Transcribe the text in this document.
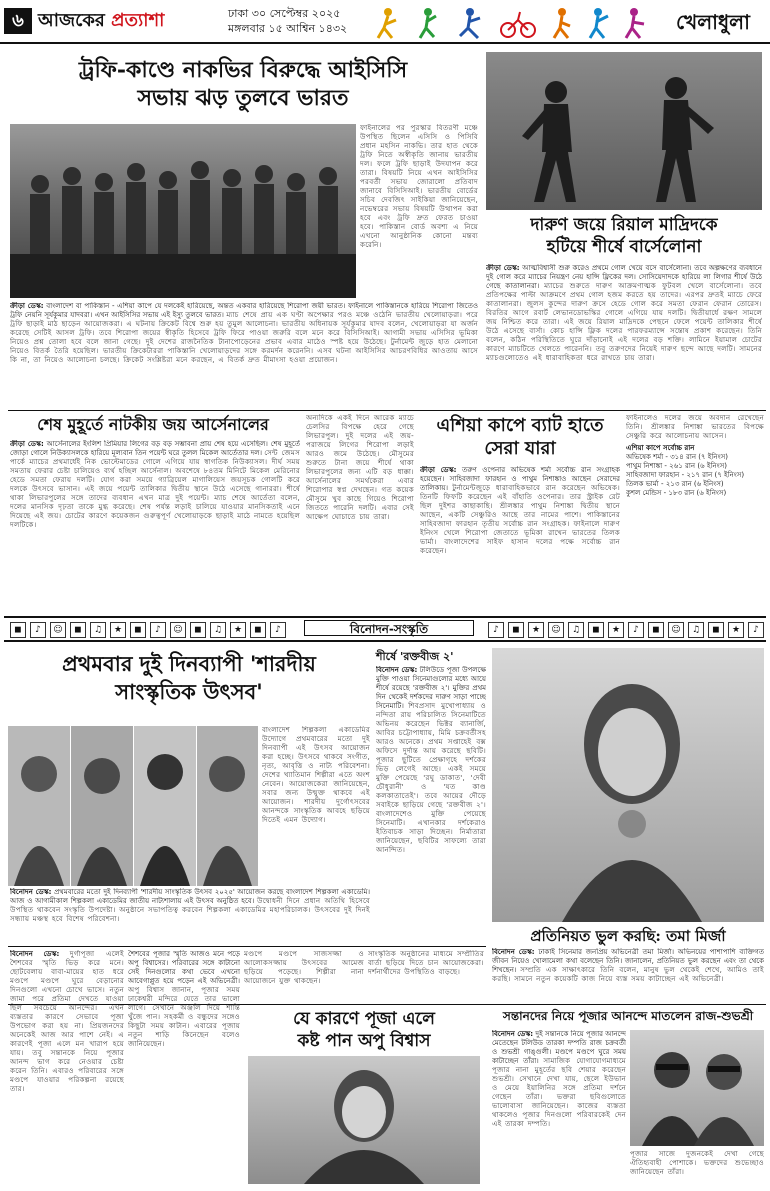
৬ আজকের প্রত্যাশা	ঢাকা ৩০ সেপ্টেম্বর ২০২৫
মঙ্গলবার ১৫ আশ্বিন ১৪৩২	খেলাধুলা
ট্রফি-কাণ্ডে নাকভির বিরুদ্ধে আইসিসি
সভায় ঝড় তুলবে ভারত
ফাইনালের পর পুরস্কার বিতরণী মঞ্চে উপস্থিত ছিলেন এসিসি ও পিসিবি প্রধান মহসিন নাকভি। তার হাত থেকে ট্রফি নিতে অস্বীকৃতি জানায় ভারতীয় দল। ফলে ট্রফি ছাড়াই উদযাপন করে তারা। বিষয়টি নিয়ে এখন আইসিসির পরবর্তী সভায় জোরালো প্রতিবাদ জানাবে বিসিসিআই। ভারতীয় বোর্ডের সচিব দেবজিৎ সাইকিয়া জানিয়েছেন, নভেম্বরের সভায় বিষয়টি উত্থাপন করা হবে এবং ট্রফি দ্রুত ফেরত চাওয়া হবে। পাকিস্তান বোর্ড অবশ্য এ নিয়ে এখনো আনুষ্ঠানিক কোনো মন্তব্য করেনি।
ক্রীড়া ডেস্ক: বাংলাদেশ বা পাকিস্তান - এশিয়া কাপে যে দলকেই হারিয়েছে, অন্তত একবার হারিয়েছে শিরোপা জয়ী ভারত। ফাইনালে পাকিস্তানকে হারিয়ে শিরোপা জিতেও ট্রফি নেয়নি সূর্যকুমার যাদবরা। এখন আইসিসির সভায় এই ইস্যু তুলবে ভারত। ম্যাচ শেষে প্রায় এক ঘণ্টা অপেক্ষার পরও মঞ্চে ওঠেনি ভারতীয় খেলোয়াড়রা। পরে ট্রফি ছাড়াই মাঠ ছাড়েন আয়োজকরা। এ ঘটনায় ক্রিকেট বিশ্বে শুরু হয় তুমুল আলোচনা। ভারতীয় অধিনায়ক সূর্যকুমার যাদব বলেন, খেলোয়াড়রা যা অর্জন করেছে সেটিই আসল ট্রফি। তবে শিরোপা জয়ের স্বীকৃতি হিসেবে ট্রফি ফিরে পাওয়া জরুরি বলে মনে করে বিসিসিআই। আগামী সভায় এসিসির ভূমিকা নিয়েও প্রশ্ন তোলা হবে বলে জানা গেছে। দুই দেশের রাজনৈতিক টানাপোড়েনের প্রভাব এবার মাঠেও স্পষ্ট হয়ে উঠেছে। টুর্নামেন্ট জুড়ে হাত মেলানো নিয়েও বিতর্ক তৈরি হয়েছিল। ভারতীয় ক্রিকেটাররা পাকিস্তানি খেলোয়াড়দের সঙ্গে করমর্দন করেননি। এসব ঘটনা আইসিসির আচরণবিধির আওতায় আসে কি না, তা নিয়েও আলোচনা চলছে। ক্রিকেট সংশ্লিষ্টরা মনে করছেন, এ বিতর্ক দ্রুত মীমাংসা হওয়া প্রয়োজন।
দারুণ জয়ে রিয়াল মাদ্রিদকে
হটিয়ে শীর্ষে বার্সেলোনা
ক্রীড়া ডেস্ক: আত্মবিশ্বাসী শুরু করেও প্রথমে গোল খেয়ে বসে বার্সেলোনা। তবে অল্পক্ষণের ব্যবধানে দুই গোল করে ম্যাচের নিয়ন্ত্রণ নেয় হান্সি ফ্লিকের দল। সোসিয়েদাদকে হারিয়ে লা লিগার শীর্ষে উঠে গেছে কাতালানরা। ম্যাচের শুরুতে দারুণ আক্রমণাত্মক ফুটবল খেলে বার্সেলোনা। তবে প্রতিপক্ষের পাল্টা আক্রমণে প্রথম গোল হজম করতে হয় তাদের। এরপর দ্রুতই ম্যাচে ফেরে কাতালানরা। জুলস কুন্দের দারুণ ক্রসে হেডে গোল করে সমতা ফেরান ফেরান তোরেস। বিরতির আগে রবার্ট লেভানডোভস্কির গোলে এগিয়ে যায় দলটি। দ্বিতীয়ার্ধে রক্ষণ সামলে জয় নিশ্চিত করে তারা। এই জয়ে রিয়াল মাদ্রিদকে পেছনে ফেলে পয়েন্ট তালিকার শীর্ষে উঠে এসেছে বার্সা। কোচ হান্সি ফ্লিক দলের পারফরম্যান্সে সন্তোষ প্রকাশ করেছেন। তিনি বলেন, কঠিন পরিস্থিতিতে ঘুরে দাঁড়ানোই এই দলের বড় শক্তি। লামিনে ইয়ামাল চোটের কারণে ম্যাচটিতে খেলতে পারেননি। তবু তরুণদের নিয়েই দারুণ ছন্দে আছে দলটি। সামনের ম্যাচগুলোতেও এই ধারাবাহিকতা ধরে রাখতে চায় তারা।
শেষ মুহূর্তে নাটকীয় জয় আর্সেনালের
ক্রীড়া ডেস্ক: আর্সেনালের ইংলিশ প্রিমিয়ার লিগের বড় বড় সম্ভাবনা প্রায় শেষ হয়ে এসেছিল। শেষ মুহূর্তে জোড়া গোলে নিউক্যাসলকে হারিয়ে মূল্যবান তিন পয়েন্ট ঘরে তুলল মিকেল আর্তেতার দল। সেন্ট জেমস পার্কে ম্যাচের প্রথমার্ধেই নিক ভোল্টেমাডের গোলে এগিয়ে যায় স্বাগতিক নিউক্যাসল। দীর্ঘ সময় সমতায় ফেরার চেষ্টা চালিয়েও ব্যর্থ হচ্ছিল আর্সেনাল। অবশেষে ৮৪তম মিনিটে মিকেল মেরিনোর হেডে সমতা ফেরায় দলটি। যোগ করা সময়ে গ্যাব্রিয়েল মাগালিয়েস জয়সূচক গোলটি করে দলকে উৎসবে ভাসান। এই জয়ে পয়েন্ট তালিকার দ্বিতীয় স্থানে উঠে এসেছে গানাররা। শীর্ষে থাকা লিভারপুলের সঙ্গে তাদের ব্যবধান এখন মাত্র দুই পয়েন্ট। ম্যাচ শেষে আর্তেতা বলেন, দলের মানসিক দৃঢ়তা তাকে মুগ্ধ করেছে। শেষ পর্যন্ত লড়াই চালিয়ে যাওয়ার মানসিকতাই এনে দিয়েছে এই জয়। চোটের কারণে কয়েকজন গুরুত্বপূর্ণ খেলোয়াড়কে ছাড়াই মাঠে নামতে হয়েছিল দলটিকে।
অন্যদিকে একই দিনে আরেক ম্যাচে চেলসির বিপক্ষে হেরে গেছে লিভারপুল। দুই দলের এই জয়-পরাজয়ে লিগের শিরোপা লড়াই আরও জমে উঠেছে। মৌসুমের শুরুতে টানা জয়ে শীর্ষে থাকা লিভারপুলের জন্য এটি বড় ধাক্কা। আর্সেনালের সমর্থকেরা এবার শিরোপার স্বপ্ন দেখছেন। গত কয়েক মৌসুমে খুব কাছে গিয়েও শিরোপা জিততে পারেনি দলটি। এবার সেই আক্ষেপ ঘোচাতে চায় তারা।
এশিয়া কাপে ব্যাট হাতে
সেরা যারা
ক্রীড়া ডেস্ক: তরুণ ওপেনার অভিষেক শর্মা সর্বোচ্চ রান সংগ্রাহক হয়েছেন। সাহিবজাদা ফারহান ও পাথুম নিশাঙ্কাও আছেন সেরাদের তালিকায়। টুর্নামেন্টজুড়ে ধারাবাহিকভাবে রান করেছেন অভিষেক। তিনটি ফিফটি করেছেন এই বাঁহাতি ওপেনার। তার স্ট্রাইক রেট ছিল দুইশর কাছাকাছি। শ্রীলঙ্কার পাথুম নিশাঙ্কা দ্বিতীয় স্থানে আছেন, একটি সেঞ্চুরিও আছে তার নামের পাশে। পাকিস্তানের সাহিবজাদা ফারহান তৃতীয় সর্বোচ্চ রান সংগ্রাহক। ফাইনালে দারুণ ইনিংস খেলে শিরোপা জেতাতে ভূমিকা রাখেন ভারতের তিলক ভার্মা। বাংলাদেশের সাইফ হাসান দলের পক্ষে সর্বোচ্চ রান করেছেন।
ফাইনালেও দলের জয়ে অবদান রেখেছেন তিনি। শ্রীলঙ্কার নিশাঙ্কা ভারতের বিপক্ষে সেঞ্চুরি করে আলোচনায় আসেন।
এশিয়া কাপে সর্বোচ্চ রান
অভিষেক শর্মা - ৩১৪ রান (৭ ইনিংস)
পাথুম নিশাঙ্কা - ২৬১ রান (৬ ইনিংস)
সাহিবজাদা ফারহান - ২১৭ রান (৭ ইনিংস)
তিলক ভার্মা - ২১৩ রান (৬ ইনিংস)
কুশল মেন্ডিস - ১৮৩ রান (৬ ইনিংস)
◼	♪	☺	◼	♫	★	◼	♪	☺	◼	♫	★	◼	♪	বিনোদন-সংস্কৃতি	♪	◼	★	☺	♫	◼	★	♪	◼	☺	♫	◼	★	♪
প্রথমবার দুই দিনব্যাপী 'শারদীয়
সাংস্কৃতিক উৎসব'
বাংলাদেশ শিল্পকলা একাডেমির উদ্যোগে প্রথমবারের মতো দুই দিনব্যাপী এই উৎসব আয়োজন করা হচ্ছে। উৎসবে থাকবে সংগীত, নৃত্য, আবৃত্তি ও নাট্য পরিবেশনা। দেশের খ্যাতিমান শিল্পীরা এতে অংশ নেবেন। আয়োজকেরা জানিয়েছেন, সবার জন্য উন্মুক্ত থাকবে এই আয়োজন। শারদীয় দুর্গোৎসবের আনন্দকে সাংস্কৃতিক আবহে ছড়িয়ে দিতেই এমন উদ্যোগ।
বিনোদন ডেস্ক: প্রথমবারের মতো দুই দিনব্যাপী 'শারদীয় সাংস্কৃতিক উৎসব ২০২৫' আয়োজন করছে বাংলাদেশ শিল্পকলা একাডেমি। আজ ও আগামীকাল শিল্পকলা একাডেমির জাতীয় নাট্যশালায় এই উৎসব অনুষ্ঠিত হবে। উদ্বোধনী দিনে প্রধান অতিথি হিসেবে উপস্থিত থাকবেন সংস্কৃতি উপদেষ্টা। অনুষ্ঠানে সভাপতিত্ব করবেন শিল্পকলা একাডেমির মহাপরিচালক। উৎসবের দুই দিনই সন্ধ্যায় মঞ্চস্থ হবে বিশেষ পরিবেশনা।
শীর্ষে 'রক্তবীজ ২'
বিনোদন ডেস্ক: টলিউডে পূজা উপলক্ষে মুক্তি পাওয়া সিনেমাগুলোর মধ্যে আয়ে শীর্ষে রয়েছে 'রক্তবীজ ২'। মুক্তির প্রথম দিন থেকেই দর্শকদের দারুণ সাড়া পাচ্ছে সিনেমাটি। শিবপ্রসাদ মুখোপাধ্যায় ও নন্দিতা রায় পরিচালিত সিনেমাটিতে অভিনয় করেছেন ভিক্টর ব্যানার্জি, আবির চট্টোপাধ্যায়, মিমি চক্রবর্তীসহ আরও অনেকে। প্রথম সপ্তাহেই বক্স অফিসে দুর্দান্ত আয় করেছে ছবিটি। পূজার ছুটিতে প্রেক্ষাগৃহে দর্শকের ভিড় লেগেই আছে। একই সময়ে মুক্তি পেয়েছে 'রঘু ডাকাত', 'দেবী চৌধুরানী' ও 'যত কাণ্ড কলকাতাতেই'। তবে আয়ের দৌড়ে সবাইকে ছাড়িয়ে গেছে 'রক্তবীজ ২'। বাংলাদেশেও মুক্তি পেয়েছে সিনেমাটি। এখানকার দর্শকেরাও ইতিবাচক সাড়া দিচ্ছেন। নির্মাতারা জানিয়েছেন, ছবিটির সাফল্যে তারা আনন্দিত।
প্রতিনিয়ত ভুল করছি: তমা মির্জা
বিনোদন ডেস্ক: ঢাকাই সিনেমার জনপ্রিয় অভিনেত্রী তমা মির্জা। অভিনয়ের পাশাপাশি ব্যক্তিগত জীবন নিয়েও খোলামেলা কথা বলেছেন তিনি। জানালেন, প্রতিনিয়ত ভুল করছেন এবং তা থেকে শিখছেন। সম্প্রতি এক সাক্ষাৎকারে তিনি বলেন, মানুষ ভুল থেকেই শেখে, আমিও তাই করছি। সামনে নতুন কয়েকটি কাজ নিয়ে ব্যস্ত সময় কাটাচ্ছেন এই অভিনেত্রী।
বিনোদন ডেস্ক: দুর্গাপূজা এলেই শৈশবের স্মৃতি ভিড় করে মনে। ছোটবেলায় বাবা-মায়ের হাত ধরে মণ্ডপে মণ্ডপে ঘুরে বেড়ানোর দিনগুলো এখনো চোখে ভাসে। নতুন জামা পরে প্রতিমা দেখতে যাওয়া ছিল সবচেয়ে আনন্দের। এখন ব্যস্ততার কারণে সেভাবে পূজা উপভোগ করা হয় না। প্রিয়জনদের অনেকেই আজ আর পাশে নেই। এ কারণেই পূজা এলে মন খারাপ হয়ে যায়। তবু সন্তানকে নিয়ে পূজার আনন্দ ভাগ করে নেওয়ার চেষ্টা করেন তিনি। এবারও পরিবারের সঙ্গে মণ্ডপে যাওয়ার পরিকল্পনা রয়েছে তার।
শৈশবের পূজার স্মৃতি আজও মনে পড়ে অপু বিশ্বাসের। পরিবারের সঙ্গে কাটানো সেই দিনগুলোর কথা ভেবে এখনো আবেগাপ্লুত হয়ে পড়েন এই অভিনেত্রী। অপু বিশ্বাস জানান, পূজার সময় ঢাকেশ্বরী মন্দিরে যেতে তার ভালো লাগে। সেখানে অঞ্জলি দিয়ে শান্তি খুঁজে পান। সহকর্মী ও বন্ধুদের সঙ্গেও কিছুটা সময় কাটান। এবারের পূজায় নতুন শাড়ি কিনেছেন বলেও জানিয়েছেন।
যে কারণে পূজা এলে
কষ্ট পান অপু বিশ্বাস
মণ্ডপে মণ্ডপে সাজসজ্জা ও আলোকসজ্জায় উৎসবের আমেজ ছড়িয়ে পড়েছে। শিল্পীরা নানা আয়োজনে যুক্ত থাকছেন।
সাংস্কৃতিক অনুষ্ঠানের মাধ্যমে সম্প্রীতির বার্তা ছড়িয়ে দিতে চান আয়োজকেরা। দর্শনার্থীদের উপস্থিতিও বাড়ছে।
সন্তানদের নিয়ে পূজার আনন্দে মাতলেন রাজ-শুভশ্রী
বিনোদন ডেস্ক: দুই সন্তানকে নিয়ে পূজার আনন্দে মেতেছেন টলিউড তারকা দম্পতি রাজ চক্রবর্তী ও শুভশ্রী গাঙ্গুলী। মণ্ডপে মণ্ডপে ঘুরে সময় কাটাচ্ছেন তাঁরা। সামাজিক যোগাযোগমাধ্যমে পূজার নানা মুহূর্তের ছবি শেয়ার করেছেন শুভশ্রী। সেখানে দেখা যায়, ছেলে ইউভান ও মেয়ে ইয়ালিনির সঙ্গে প্রতিমা দর্শনে গেছেন তাঁরা। ভক্তরা ছবিগুলোতে ভালোবাসা জানিয়েছেন। কাজের ব্যস্ততা থাকলেও পূজার দিনগুলো পরিবারকেই দেন এই তারকা দম্পতি।
পূজার সাজে দুজনকেই দেখা গেছে ঐতিহ্যবাহী পোশাকে। ভক্তদের শুভেচ্ছাও জানিয়েছেন তাঁরা।
